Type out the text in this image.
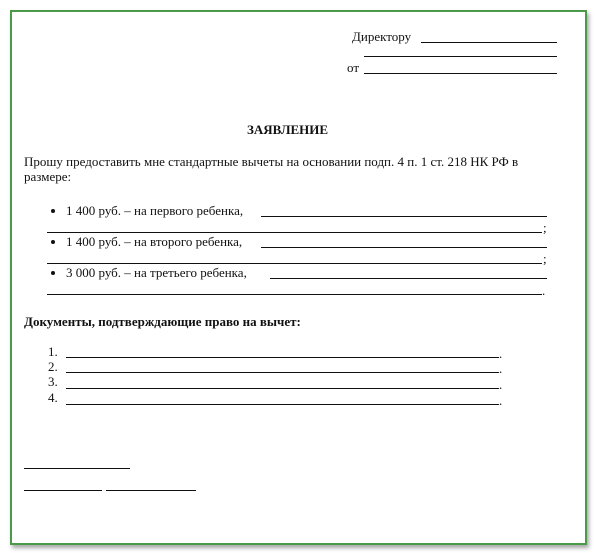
Директору
от
ЗАЯВЛЕНИЕ
Прошу предоставить мне стандартные вычеты на основании подп. 4 п. 1 ст. 218 НК РФ в
размере:
1 400 руб. – на первого ребенка,
;
1 400 руб. – на второго ребенка,
;
3 000 руб. – на третьего ребенка,
.
Документы, подтверждающие право на вычет:
1.	.
2.	.
3.	.
4.	.
